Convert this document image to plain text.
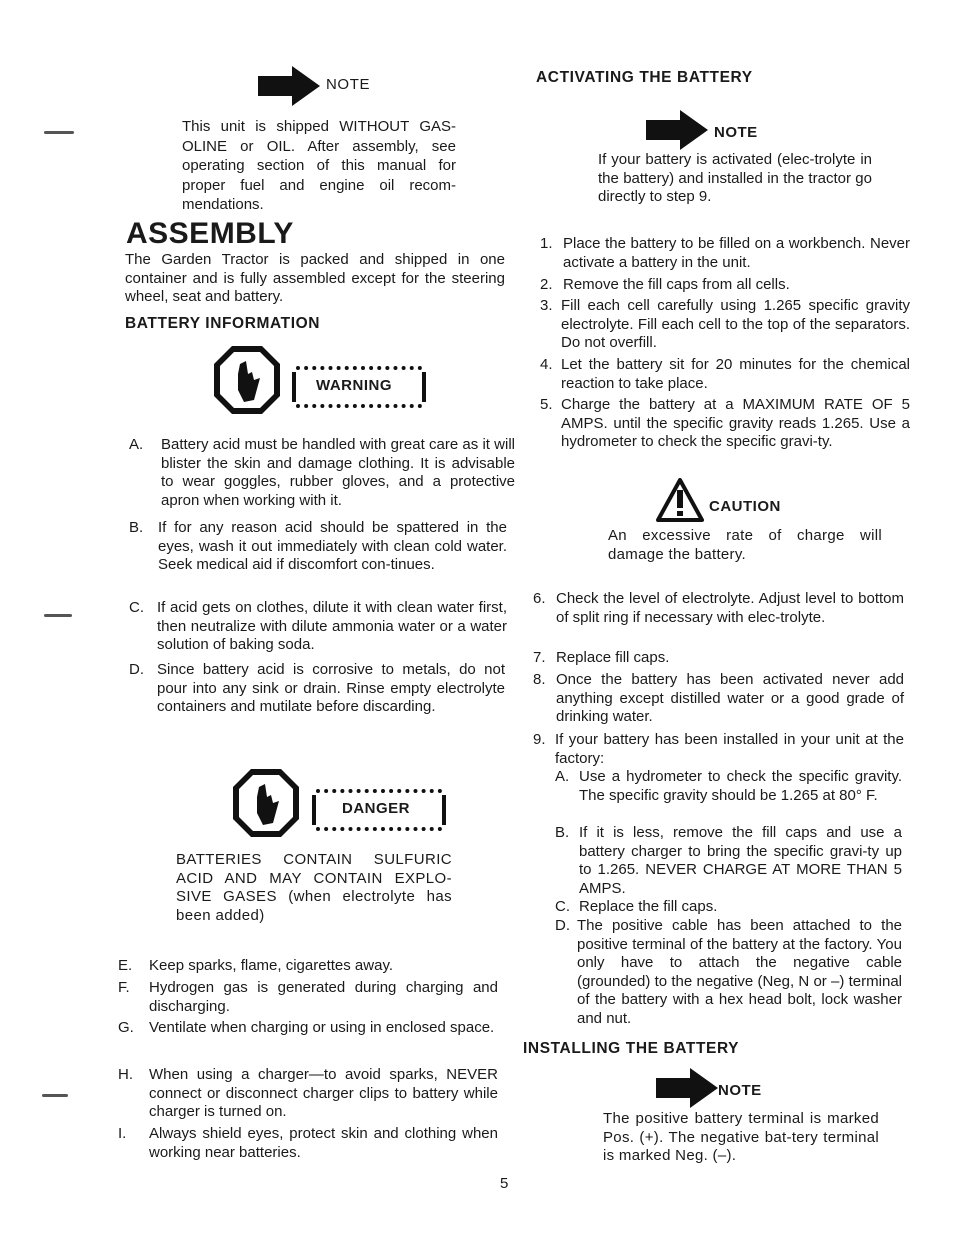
NOTE
This unit is shipped WITHOUT GAS-OLINE or OIL. After assembly, see operating section of this manual for proper fuel and engine oil recom-mendations.
ASSEMBLY
The Garden Tractor is packed and shipped in one container and is fully assembled except for the steering wheel, seat and battery.
BATTERY INFORMATION
WARNING
A. Battery acid must be handled with great care as it will blister the skin and damage clothing. It is advisable to wear goggles, rubber gloves, and a protective apron when working with it.
B. If for any reason acid should be spattered in the eyes, wash it out immediately with clean cold water. Seek medical aid if discomfort con-tinues.
C. If acid gets on clothes, dilute it with clean water first, then neutralize with dilute ammonia water or a water solution of baking soda.
D. Since battery acid is corrosive to metals, do not pour into any sink or drain. Rinse empty electrolyte containers and mutilate before discarding.
DANGER
BATTERIES CONTAIN SULFURIC ACID AND MAY CONTAIN EXPLO-SIVE GASES (when electrolyte has been added)
E. Keep sparks, flame, cigarettes away.
F. Hydrogen gas is generated during charging and discharging.
G. Ventilate when charging or using in enclosed space.
H. When using a charger—to avoid sparks, NEVER connect or disconnect charger clips to battery while charger is turned on.
I. Always shield eyes, protect skin and clothing when working near batteries.
ACTIVATING THE BATTERY
NOTE
If your battery is activated (elec-trolyte in the battery) and installed in the tractor go directly to step 9.
1. Place the battery to be filled on a workbench. Never activate a battery in the unit.
2. Remove the fill caps from all cells.
3. Fill each cell carefully using 1.265 specific gravity electrolyte. Fill each cell to the top of the separators. Do not overfill.
4. Let the battery sit for 20 minutes for the chemical reaction to take place.
5. Charge the battery at a MAXIMUM RATE OF 5 AMPS. until the specific gravity reads 1.265. Use a hydrometer to check the specific gravi-ty.
CAUTION
An excessive rate of charge will damage the battery.
6. Check the level of electrolyte. Adjust level to bottom of split ring if necessary with elec-trolyte.
7. Replace fill caps.
8. Once the battery has been activated never add anything except distilled water or a good grade of drinking water.
9. If your battery has been installed in your unit at the factory:
A. Use a hydrometer to check the specific gravity. The specific gravity should be 1.265 at 80° F.
B. If it is less, remove the fill caps and use a battery charger to bring the specific gravi-ty up to 1.265. NEVER CHARGE AT MORE THAN 5 AMPS.
C. Replace the fill caps.
D. The positive cable has been attached to the positive terminal of the battery at the factory. You only have to attach the negative cable (grounded) to the negative (Neg, N or –) terminal of the battery with a hex head bolt, lock washer and nut.
INSTALLING THE BATTERY
NOTE
The positive battery terminal is marked Pos. (+). The negative bat-tery terminal is marked Neg. (–).
5
